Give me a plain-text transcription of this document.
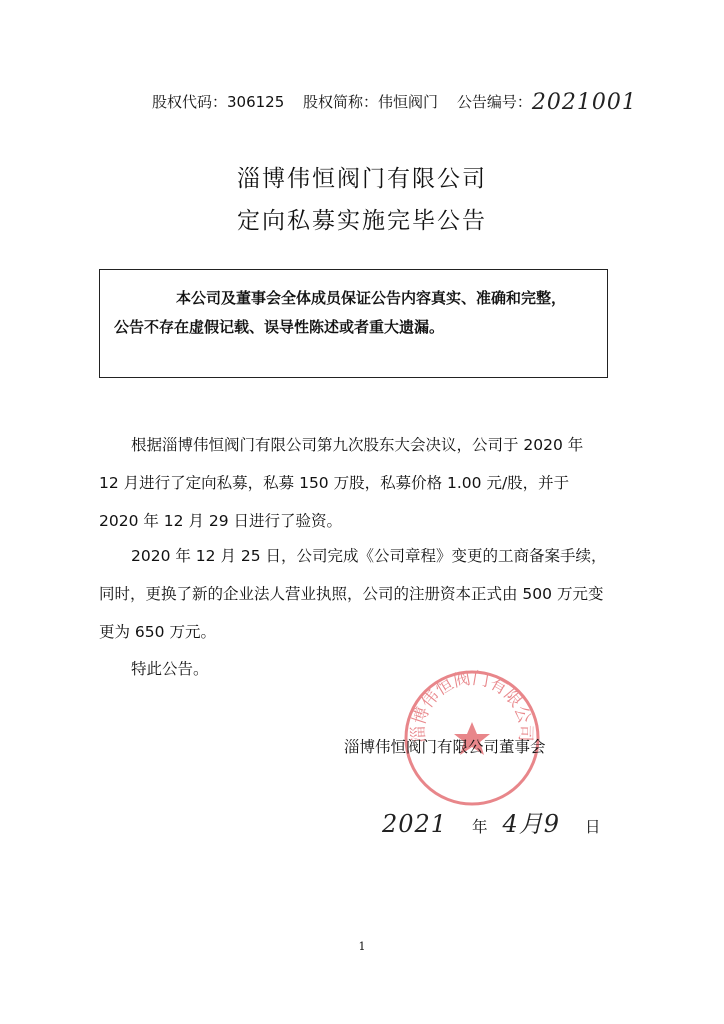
股权代码：306125 股权简称：伟恒阀门 公告编号：2021001
淄博伟恒阀门有限公司
定向私募实施完毕公告
本公司及董事会全体成员保证公告内容真实、准确和完整，
公告不存在虚假记载、误导性陈述或者重大遗漏。
根据淄博伟恒阀门有限公司第九次股东大会决议，公司于 2020 年 12 月进行了定向私募，私募 150 万股，私募价格 1.00 元/股，并于 2020 年 12 月 29 日进行了验资。
2020 年 12 月 25 日，公司完成《公司章程》变更的工商备案手续，同时，更换了新的企业法人营业执照，公司的注册资本正式由 500 万元变更为 650 万元。
特此公告。
淄博伟恒阀门有限公司
淄博伟恒阀门有限公司董事会
2021 年 4月9 日
1
